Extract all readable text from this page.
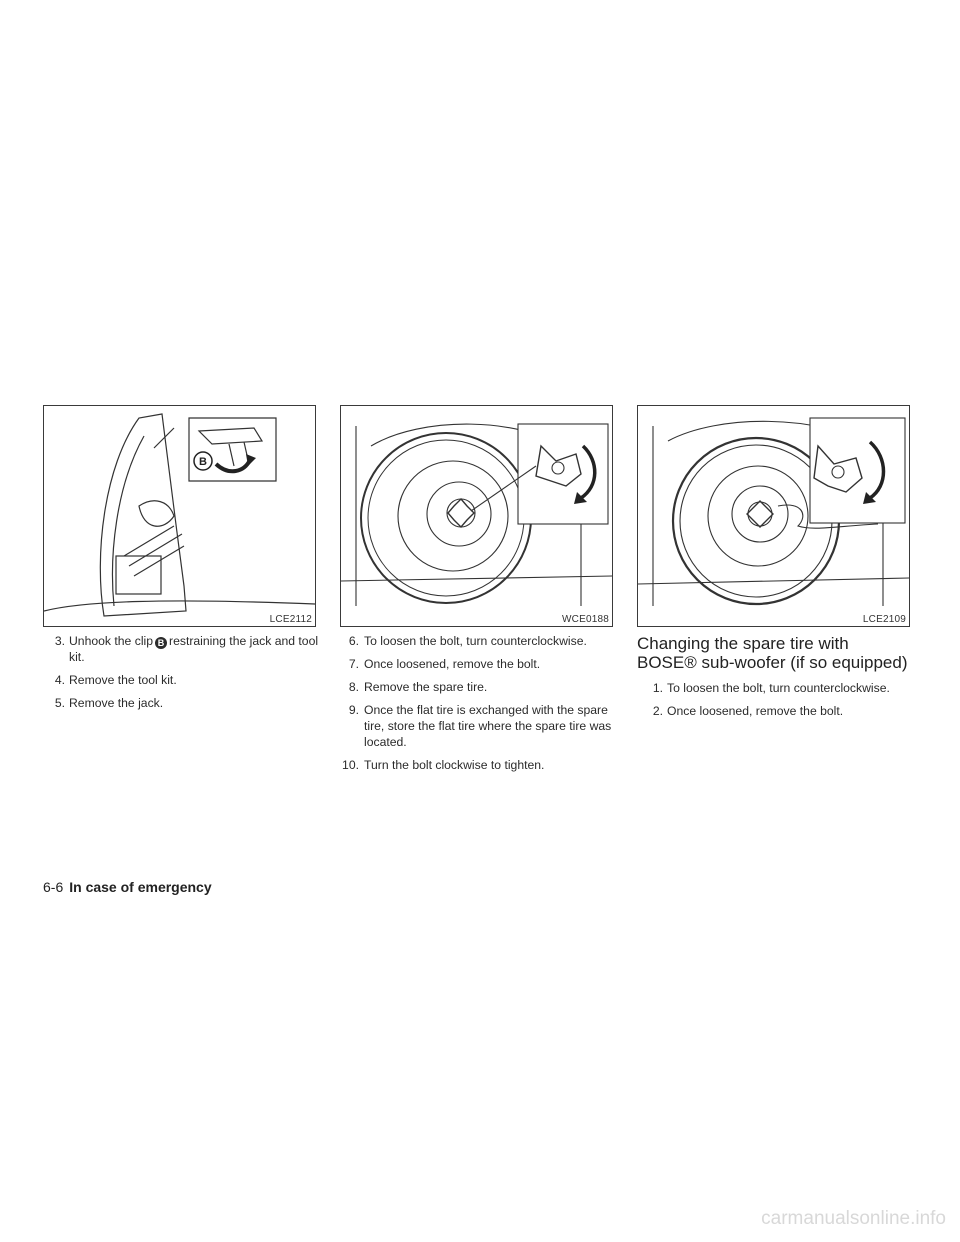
B
LCE2112	WCE0188	LCE2109
3. Unhook the clip B restraining the jack and tool kit.
4. Remove the tool kit.
5. Remove the jack.
6. To loosen the bolt, turn counterclockwise.
7. Once loosened, remove the bolt.
8. Remove the spare tire.
9. Once the flat tire is exchanged with the spare tire, store the flat tire where the spare tire was located.
10. Turn the bolt clockwise to tighten.
Changing the spare tire with BOSE® sub-woofer (if so equipped)
1. To loosen the bolt, turn counterclockwise.
2. Once loosened, remove the bolt.
6-6 In case of emergency
carmanualsonline.info
